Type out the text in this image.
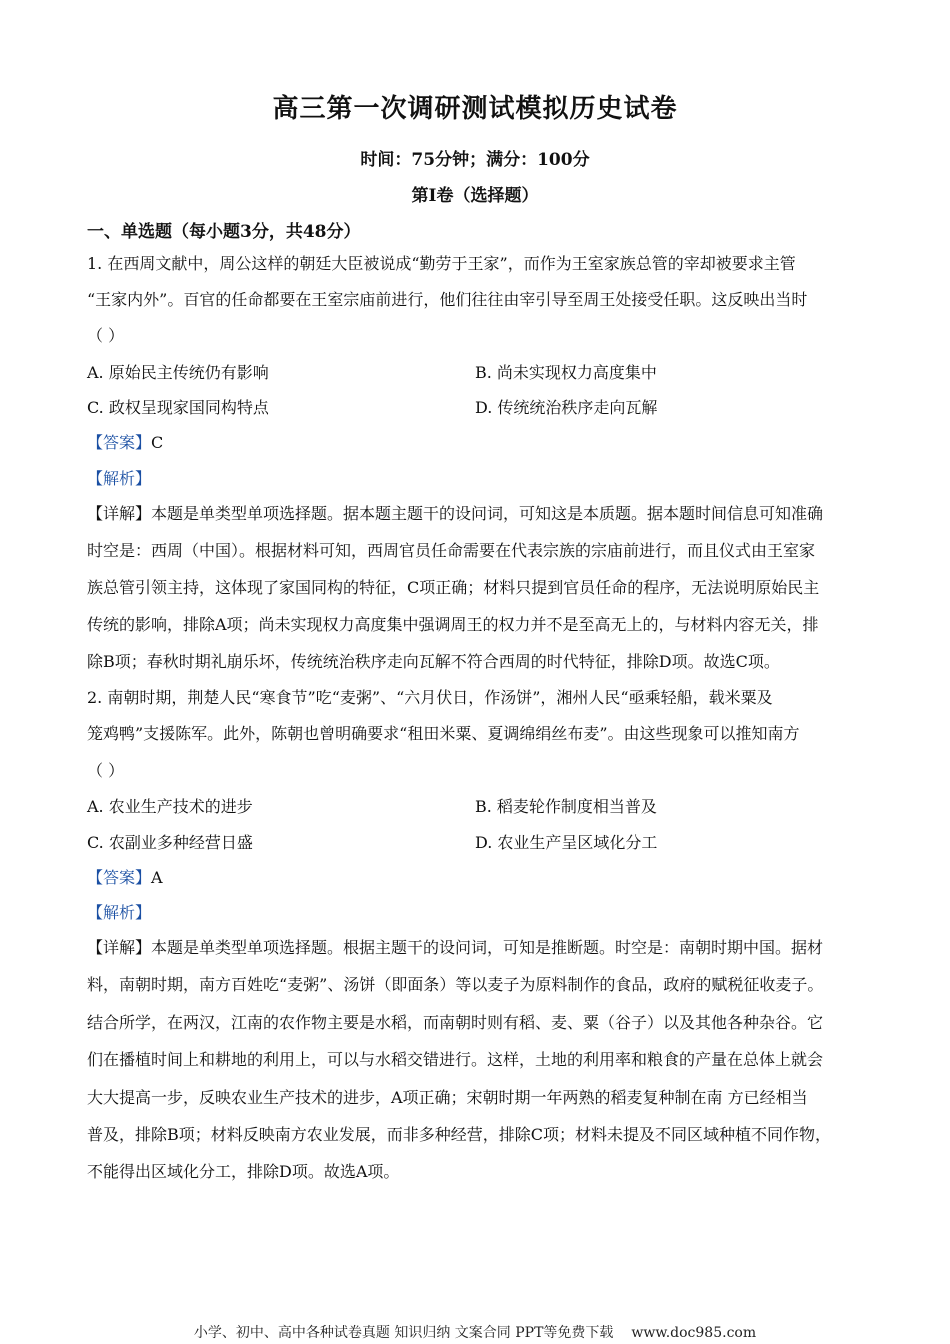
高三第一次调研测试模拟历史试卷
时间：75分钟；满分：100分
第Ⅰ卷（选择题）
一、单选题（每小题3分，共48分）
1. 在西周文献中，周公这样的朝廷大臣被说成“勤劳于王家”，而作为王室家族总管的宰却被要求主管
“王家内外”。百官的任命都要在王室宗庙前进行，他们往往由宰引导至周王处接受任职。这反映出当时
（ ）
A. 原始民主传统仍有影响	B. 尚未实现权力高度集中
C. 政权呈现家国同构特点	D. 传统统治秩序走向瓦解
【答案】C
【解析】
【详解】本题是单类型单项选择题。据本题主题干的设问词，可知这是本质题。据本题时间信息可知准确
时空是：西周（中国）。根据材料可知，西周官员任命需要在代表宗族的宗庙前进行，而且仪式由王室家
族总管引领主持，这体现了家国同构的特征，C项正确；材料只提到官员任命的程序，无法说明原始民主
传统的影响，排除A项；尚未实现权力高度集中强调周王的权力并不是至高无上的，与材料内容无关，排
除B项；春秋时期礼崩乐坏，传统统治秩序走向瓦解不符合西周的时代特征，排除D项。故选C项。
2. 南朝时期，荆楚人民“寒食节”吃“麦粥”、“六月伏日，作汤饼”，湘州人民“亟乘轻船，载米粟及
笼鸡鸭”支援陈军。此外，陈朝也曾明确要求“租田米粟、夏调绵绢丝布麦”。由这些现象可以推知南方
（ ）
A. 农业生产技术的进步	B. 稻麦轮作制度相当普及
C. 农副业多种经营日盛	D. 农业生产呈区域化分工
【答案】A
【解析】
【详解】本题是单类型单项选择题。根据主题干的设问词，可知是推断题。时空是：南朝时期中国。据材
料，南朝时期，南方百姓吃“麦粥”、汤饼（即面条）等以麦子为原料制作的食品，政府的赋税征收麦子。
结合所学，在两汉，江南的农作物主要是水稻，而南朝时则有稻、麦、粟（谷子）以及其他各种杂谷。它
们在播植时间上和耕地的利用上，可以与水稻交错进行。这样，土地的利用率和粮食的产量在总体上就会
大大提高一步，反映农业生产技术的进步，A项正确；宋朝时期一年两熟的稻麦复种制在南 方已经相当
普及，排除B项；材料反映南方农业发展，而非多种经营，排除C项；材料未提及不同区域种植不同作物，
不能得出区域化分工，排除D项。故选A项。
小学、初中、高中各种试卷真题 知识归纳 文案合同 PPT等免费下载 www.doc985.com
